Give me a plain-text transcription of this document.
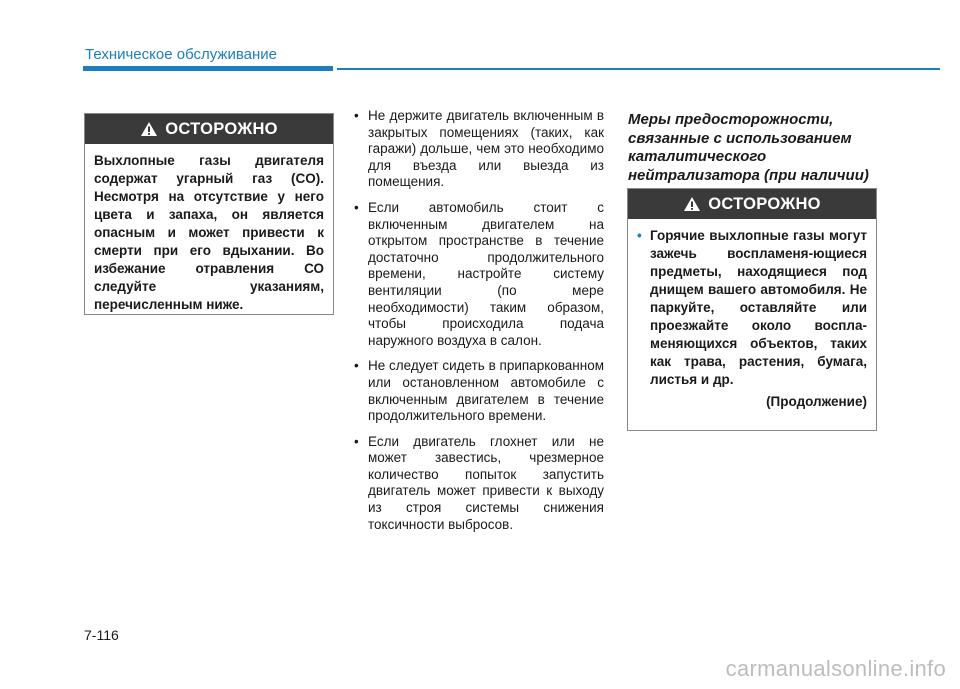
Техническое обслуживание
ОСТОРОЖНО
Выхлопные газы двигателя содержат угарный газ (CO). Несмотря на отсутствие у него цвета и запаха, он является опасным и может привести к смерти при его вдыхании. Во избежание отравления СО следуйте указаниям, перечисленным ниже.
• Не держите двигатель включенным в закрытых помещениях (таких, как гаражи) дольше, чем это необходимо для въезда или выезда из помещения.
• Если автомобиль стоит с включенным двигателем на открытом пространстве в течение достаточно продолжительного времени, настройте систему вентиляции (по мере необходимости) таким образом, чтобы происходила подача наружного воздуха в салон.
• Не следует сидеть в припаркованном или остановленном автомобиле с включенным двигателем в течение продолжительного времени.
• Если двигатель глохнет или не может завестись, чрезмерное количество попыток запустить двигатель может привести к выходу из строя системы снижения токсичности выбросов.
Меры предосторожности, связанные с использованием каталитического нейтрализатора (при наличии)
ОСТОРОЖНО
• Горячие выхлопные газы могут зажечь воспламеня-ющиеся предметы, находящиеся под днищем вашего автомобиля. Не паркуйте, оставляйте или проезжайте около воспла-меняющихся объектов, таких как трава, растения, бумага, листья и др.
(Продолжение)
7-116
carmanualsonline.info
